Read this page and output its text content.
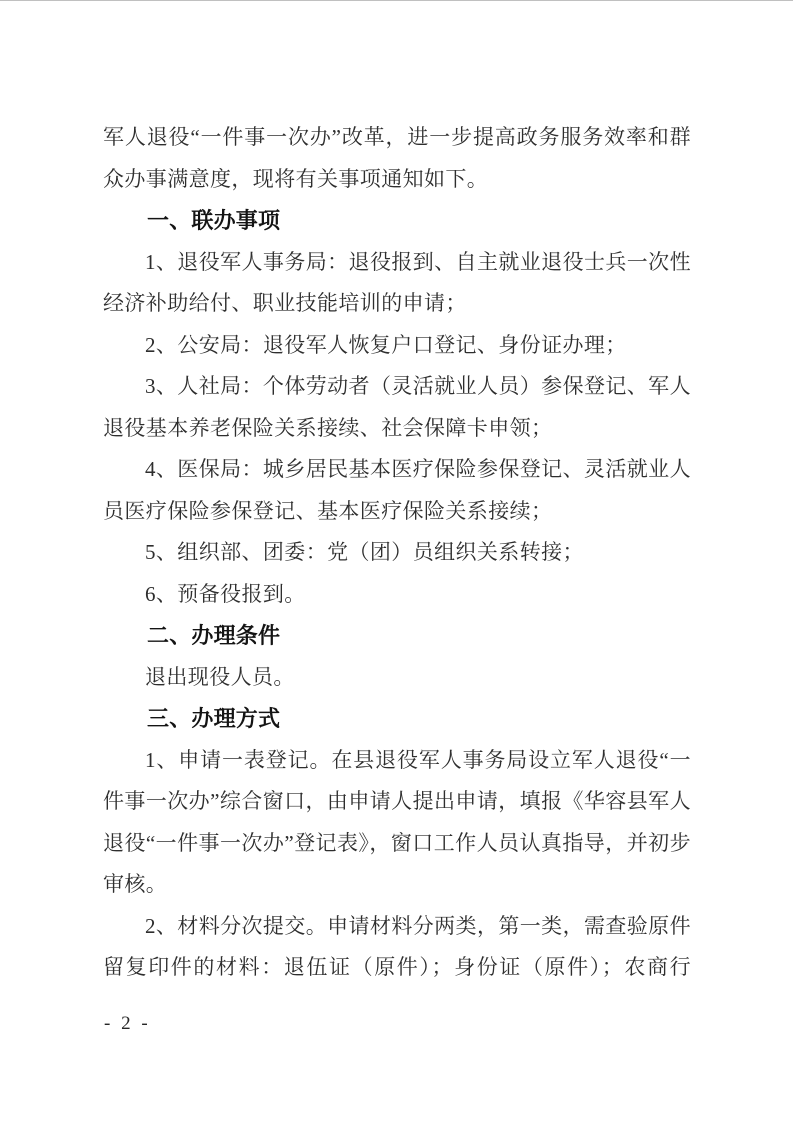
军人退役“一件事一次办”改革，进一步提高政务服务效率和群众办事满意度，现将有关事项通知如下。

一、联办事项

1、退役军人事务局：退役报到、自主就业退役士兵一次性经济补助给付、职业技能培训的申请；

2、公安局：退役军人恢复户口登记、身份证办理；

3、人社局：个体劳动者（灵活就业人员）参保登记、军人退役基本养老保险关系接续、社会保障卡申领；

4、医保局：城乡居民基本医疗保险参保登记、灵活就业人员医疗保险参保登记、基本医疗保险关系接续；

5、组织部、团委：党（团）员组织关系转接；

6、预备役报到。

二、办理条件

退出现役人员。

三、办理方式

1、申请一表登记。在县退役军人事务局设立军人退役“一件事一次办”综合窗口，由申请人提出申请，填报《华容县军人退役“一件事一次办”登记表》，窗口工作人员认真指导，并初步审核。

2、材料分次提交。申请材料分两类，第一类，需查验原件留复印件的材料：退伍证（原件）；身份证（原件）；农商行

- 2 -
